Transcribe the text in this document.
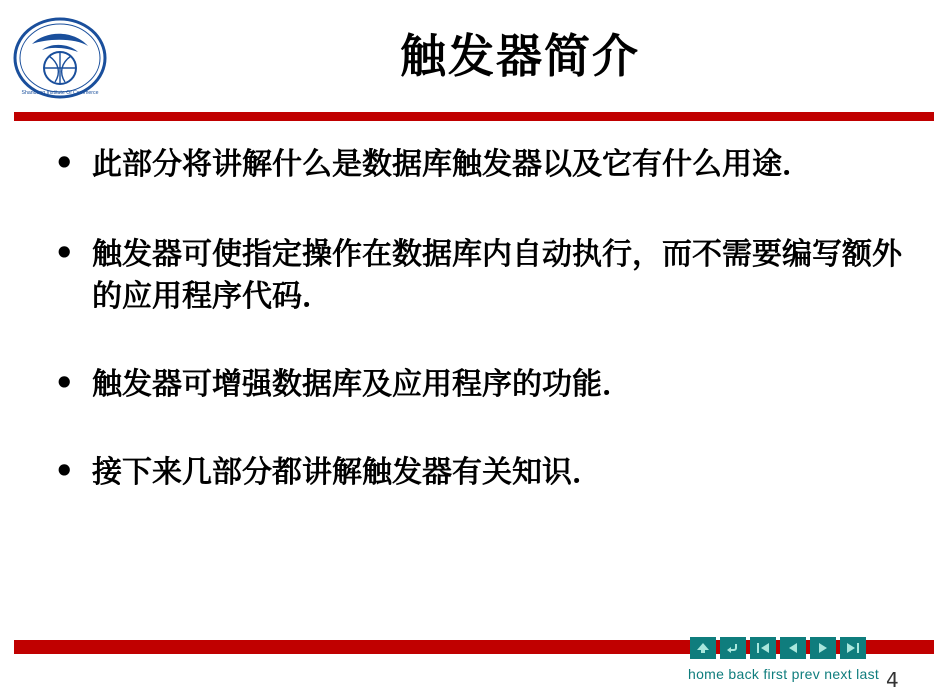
Shandong Institute Of Commerce
触发器简介
• 此部分将讲解什么是数据库触发器以及它有什么用途．
• 触发器可使指定操作在数据库内自动执行，而不需要编写额外的应用程序代码．
• 触发器可增强数据库及应用程序的功能．
• 接下来几部分都讲解触发器有关知识．
home back first prev next last 4
